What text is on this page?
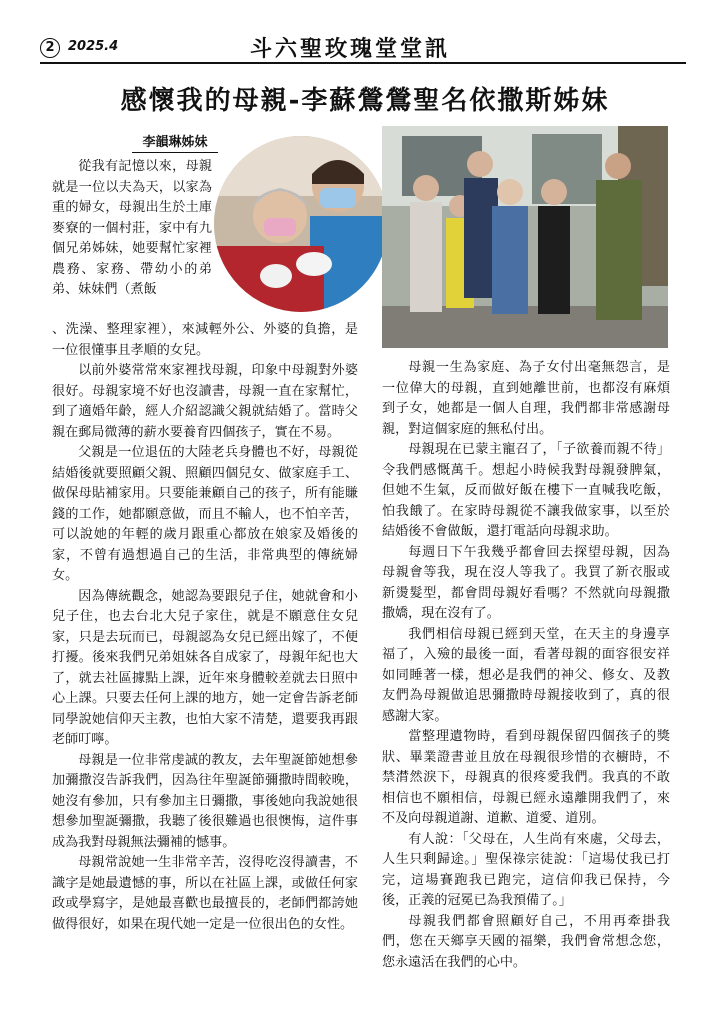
2	2025.4	斗六聖玫瑰堂堂訊
感懷我的母親-李蘇鶯鶯聖名依撒斯姊妹
李韻琳姊妹

從我有記憶以來，母親就是一位以夫為天，以家為重的婦女，母親出生於土庫麥寮的一個村莊，家中有九個兄弟姊妹，她要幫忙家裡農務、家務、帶幼小的弟弟、妹妹們（煮飯

、洗澡、整理家裡），來減輕外公、外婆的負擔，是一位很懂事且孝順的女兒。

以前外婆常常來家裡找母親，印象中母親對外婆很好。母親家境不好也沒讀書，母親一直在家幫忙，到了適婚年齡，經人介紹認識父親就結婚了。當時父親在郵局微薄的薪水要養育四個孩子，實在不易。

父親是一位退伍的大陸老兵身體也不好，母親從結婚後就要照顧父親、照顧四個兒女、做家庭手工、做保母貼補家用。只要能兼顧自己的孩子，所有能賺錢的工作，她都願意做，而且不輸人，也不怕辛苦，可以說她的年輕的歲月跟重心都放在娘家及婚後的家，不曾有過想過自己的生活，非常典型的傳統婦女。

因為傳統觀念，她認為要跟兒子住，她就會和小兒子住，也去台北大兒子家住，就是不願意住女兒家，只是去玩而已，母親認為女兒已經出嫁了，不便打擾。後來我們兄弟姐妹各自成家了，母親年紀也大了，就去社區據點上課，近年來身體較差就去日照中心上課。只要去任何上課的地方，她一定會告訴老師同學說她信仰天主教，也怕大家不清楚，還要我再跟老師叮嚀。

母親是一位非常虔誠的教友，去年聖誕節她想參加彌撒沒告訴我們，因為往年聖誕節彌撒時間較晚，她沒有參加，只有參加主日彌撒，事後她向我說她很想參加聖誕彌撒，我聽了後很難過也很懊悔，這件事成為我對母親無法彌補的憾事。

母親常說她一生非常辛苦，沒得吃沒得讀書，不識字是她最遺憾的事，所以在社區上課，或做任何家政或學寫字，是她最喜歡也最擅長的，老師們都誇她做得很好，如果在現代她一定是一位很出色的女性。

母親一生為家庭、為子女付出毫無怨言，是一位偉大的母親，直到她離世前，也都沒有麻煩到子女，她都是一個人自理，我們都非常感謝母親，對這個家庭的無私付出。

母親現在已蒙主寵召了，「子欲養而親不待」令我們感慨萬千。想起小時候我對母親發脾氣，但她不生氣，反而做好飯在樓下一直喊我吃飯，怕我餓了。在家時母親從不讓我做家事，以至於結婚後不會做飯，還打電話向母親求助。

每週日下午我幾乎都會回去探望母親，因為母親會等我，現在沒人等我了。我買了新衣服或新燙髮型，都會問母親好看嗎？不然就向母親撒撒嬌，現在沒有了。

我們相信母親已經到天堂，在天主的身邊享福了，入殮的最後一面，看著母親的面容很安祥如同睡著一樣，想必是我們的神父、修女、及教友們為母親做追思彌撒時母親接收到了，真的很感謝大家。

當整理遺物時，看到母親保留四個孩子的獎狀、畢業證書並且放在母親很珍惜的衣櫥時，不禁潸然淚下，母親真的很疼愛我們。我真的不敢相信也不願相信，母親已經永遠離開我們了，來不及向母親道謝、道歉、道愛、道別。

有人說：「父母在，人生尚有來處，父母去，人生只剩歸途。」聖保祿宗徒說：「這場仗我已打完，這場賽跑我已跑完，這信仰我已保持，今後，正義的冠冕已為我預備了。」

母親我們都會照顧好自己，不用再牽掛我們，您在天鄉享天國的福樂，我們會常想念您，您永遠活在我們的心中。
